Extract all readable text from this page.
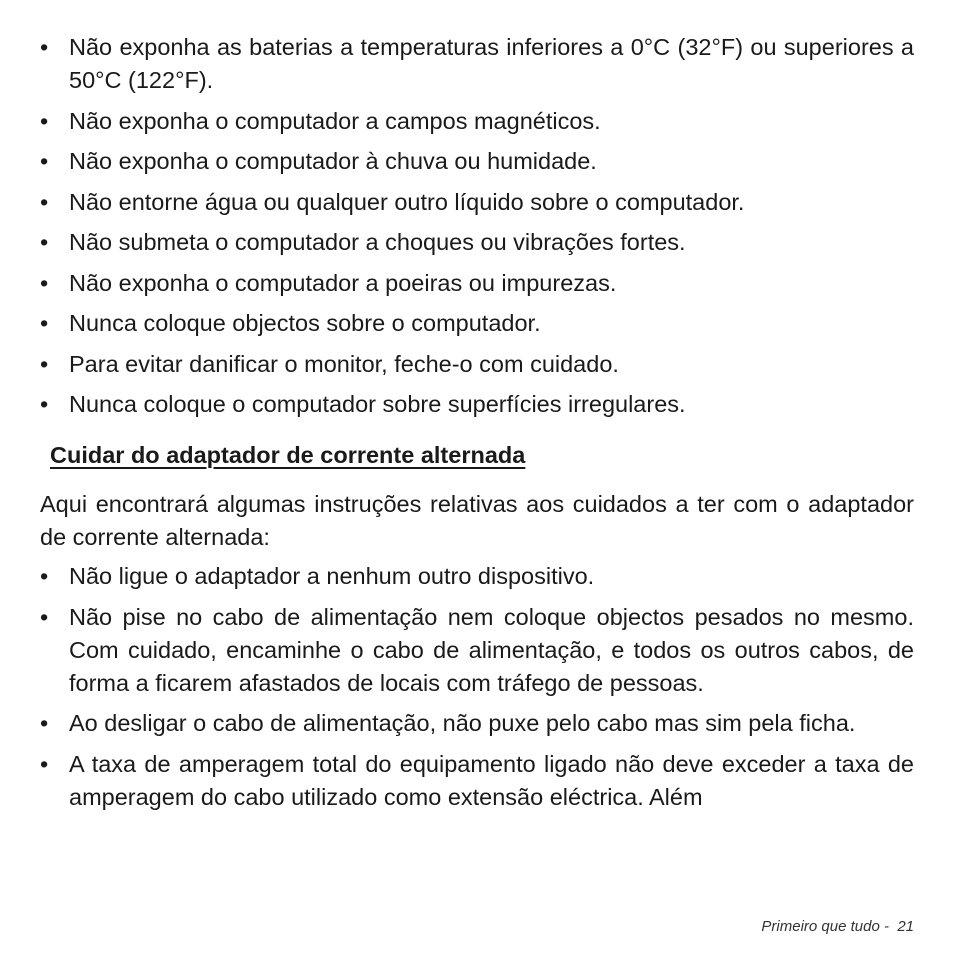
• Não exponha as baterias a temperaturas inferiores a 0°C (32°F) ou superiores a 50°C (122°F).
• Não exponha o computador a campos magnéticos.
• Não exponha o computador à chuva ou humidade.
• Não entorne água ou qualquer outro líquido sobre o computador.
• Não submeta o computador a choques ou vibrações fortes.
• Não exponha o computador a poeiras ou impurezas.
• Nunca coloque objectos sobre o computador.
• Para evitar danificar o monitor, feche-o com cuidado.
• Nunca coloque o computador sobre superfícies irregulares.
Cuidar do adaptador de corrente alternada

Aqui encontrará algumas instruções relativas aos cuidados a ter com o adaptador de corrente alternada:

• Não ligue o adaptador a nenhum outro dispositivo.
• Não pise no cabo de alimentação nem coloque objectos pesados no mesmo. Com cuidado, encaminhe o cabo de alimentação, e todos os outros cabos, de forma a ficarem afastados de locais com tráfego de pessoas.
• Ao desligar o cabo de alimentação, não puxe pelo cabo mas sim pela ficha.
• A taxa de amperagem total do equipamento ligado não deve exceder a taxa de amperagem do cabo utilizado como extensão eléctrica. Além
Primeiro que tudo - 21
